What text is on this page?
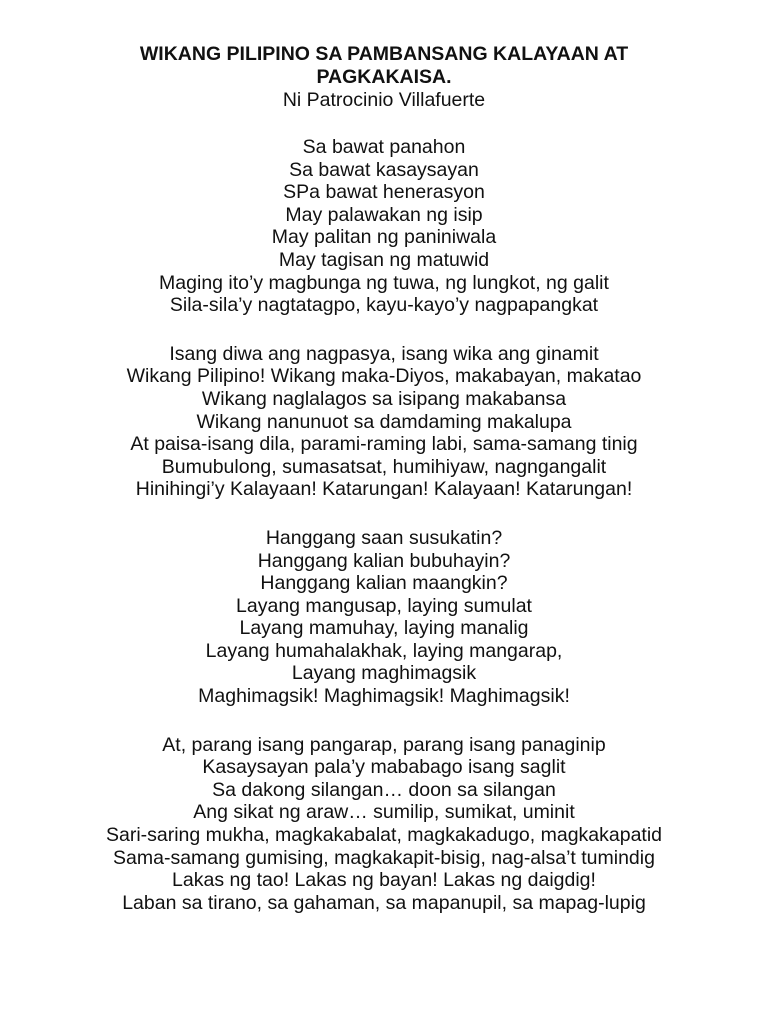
WIKANG PILIPINO SA PAMBANSANG KALAYAAN AT PAGKAKAISA.
Ni Patrocinio Villafuerte
Sa bawat panahon
Sa bawat kasaysayan
SPa bawat henerasyon
May palawakan ng isip
May palitan ng paniniwala
May tagisan ng matuwid
Maging ito’y magbunga ng tuwa, ng lungkot, ng galit
Sila-sila’y nagtatagpo, kayu-kayo’y nagpapangkat
Isang diwa ang nagpasya, isang wika ang ginamit
Wikang Pilipino! Wikang maka-Diyos, makabayan, makatao
Wikang naglalagos sa isipang makabansa
Wikang nanunuot sa damdaming makalupa
At paisa-isang dila, parami-raming labi, sama-samang tinig
Bumubulong, sumasatsat, humihiyaw, nagngangalit
Hinihingi’y Kalayaan! Katarungan! Kalayaan! Katarungan!
Hanggang saan susukatin?
Hanggang kalian bubuhayin?
Hanggang kalian maangkin?
Layang mangusap, laying sumulat
Layang mamuhay, laying manalig
Layang humahalakhak, laying mangarap,
Layang maghimagsik
Maghimagsik! Maghimagsik! Maghimagsik!
At, parang isang pangarap, parang isang panaginip
Kasaysayan pala’y mababago isang saglit
Sa dakong silangan… doon sa silangan
Ang sikat ng araw… sumilip, sumikat, uminit
Sari-saring mukha, magkakabalat, magkakadugo, magkakapatid
Sama-samang gumising, magkakapit-bisig, nag-alsa’t tumindig
Lakas ng tao! Lakas ng bayan! Lakas ng daigdig!
Laban sa tirano, sa gahaman, sa mapanupil, sa mapag-lupig
